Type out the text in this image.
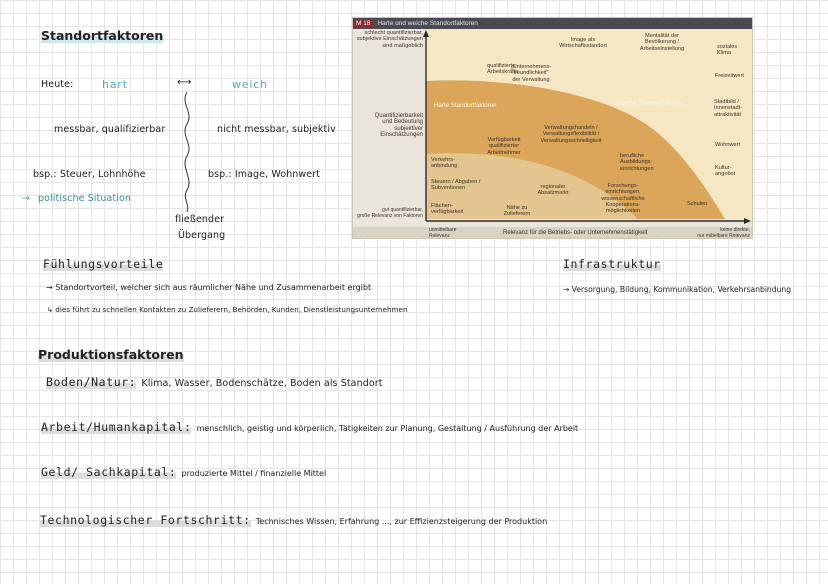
Standortfaktoren
Heute:	hart	⟷	weich
messbar, qualifizierbar	nicht messbar, subjektiv
bsp.: Steuer, Lohnhöhe
→ politische Situation
bsp.: Image, Wohnwert
fließender
Übergang
M 18 Harte und weiche Standortfaktoren
schlecht quantifizierbar,
subjektive Einschätzungen
sind maßgeblich
Quantifizierbarkeit
und Bedeutung
subjektiver
Einschätzungen
gut quantifizierbar,
große Relevanz von Faktoren
unmittelbare
Relevanz
Relevanz für die Betriebs- oder Unternehmenstätigkeit	keine direkte,
nur mittelbare Relevanz
Harte Standortfaktoren	Weiche Standortfaktoren
Image als
Wirtschaftsstandort
Mentalität der
Bevölkerung /
Arbeitseinstellung	soziales
Klima
Freizeitwert
„Unternehmens-
freundlichkeit"
der Verwaltung
qualifizierte
Arbeitskräfte
Stadtbild /
Innenstadt-
attraktivität
Verwaltungshandeln /
Verwaltungsflexibilität /
Verwaltungsschnelligkeit
Verfügbarkeit
qualifizierter
Arbeitnehmer
Wohnwert
Verkehrs-
anbindung
berufliche
Ausbildungs-
einrichtungen	Kultur-
angebot
Steuern / Abgaben /
Subventionen	regionaler
Absatzmarkt
Forschungs-
einrichtungen,
wissenschaftliche
Kooperations-
möglichkeiten
Schulen
Flächen-
verfügbarkeit
Nähe zu
Zulieferern
Fühlungsvorteile
→ Standortvorteil, welcher sich aus räumlicher Nähe und Zusammenarbeit ergibt
↳ dies führt zu schnellen Kontakten zu Zulieferern, Behörden, Kunden, Dienstleistungsunternehmen
Infrastruktur
→ Versorgung, Bildung, Kommunikation, Verkehrsanbindung
Produktionsfaktoren
Boden/Natur: Klima, Wasser, Bodenschätze, Boden als Standort
Arbeit/Humankapital: menschlich, geistig und körperlich, Tätigkeiten zur Planung, Gestaltung / Ausführung der Arbeit
Geld/ Sachkapital: produzierte Mittel / finanzielle Mittel
Technologischer Fortschritt: Technisches Wissen, Erfahrung ..., zur Effizienzsteigerung der Produktion
